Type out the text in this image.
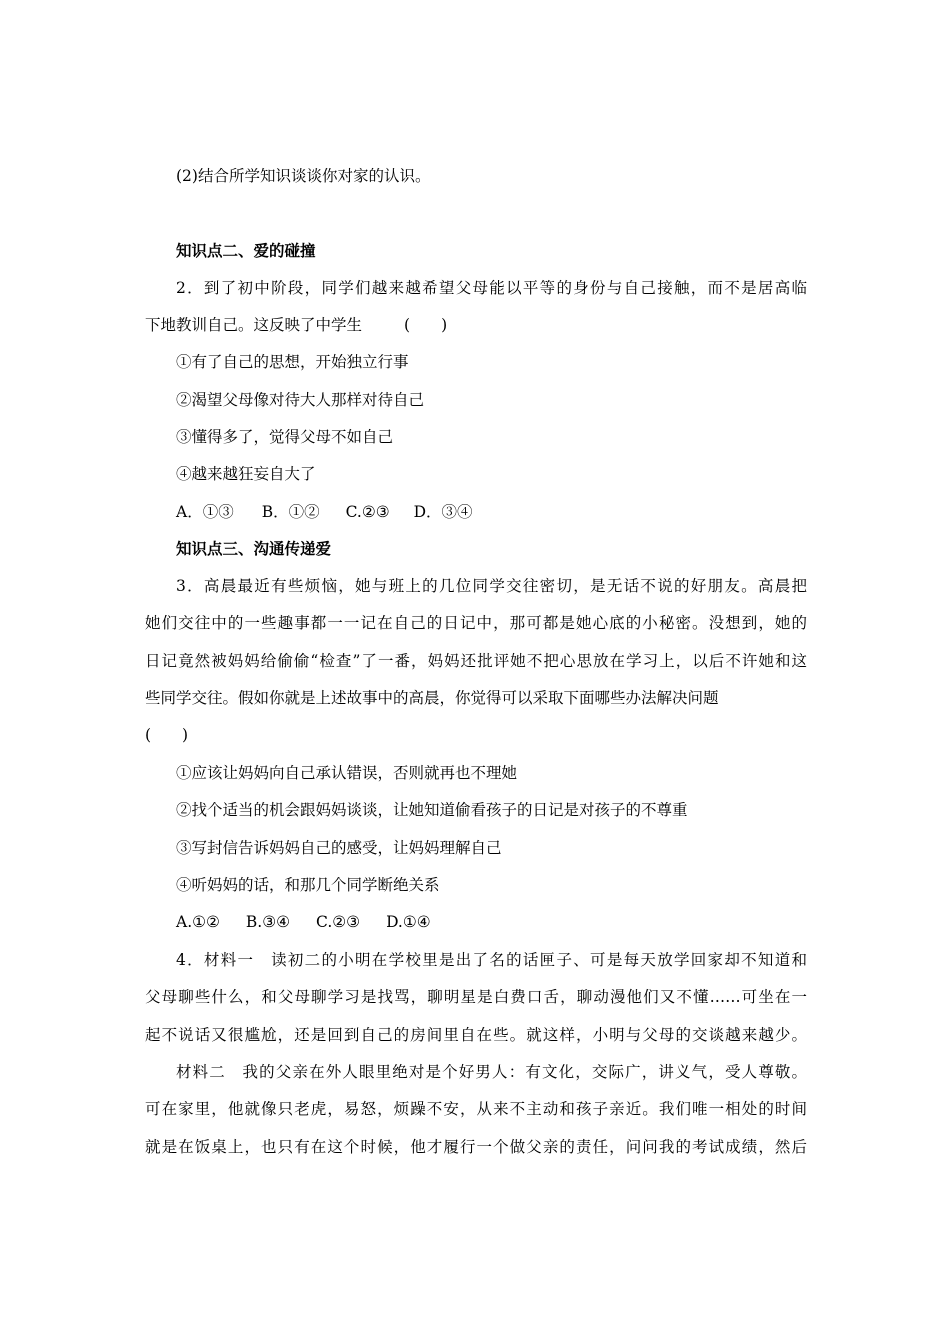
(2)结合所学知识谈谈你对家的认识。
知识点二、爱的碰撞
2．到了初中阶段，同学们越来越希望父母能以平等的身份与自己接触，而不是居高临
下地教训自己。这反映了中学生	(　　)
①有了自己的思想，开始独立行事
②渴望父母像对待大人那样对待自己
③懂得多了，觉得父母不如自己
④越来越狂妄自大了
A．①③ B．①② C.②③ D．③④
知识点三、沟通传递爱
3．高晨最近有些烦恼，她与班上的几位同学交往密切，是无话不说的好朋友。高晨把
她们交往中的一些趣事都一一记在自己的日记中，那可都是她心底的小秘密。没想到，她的
日记竟然被妈妈给偷偷“检查”了一番，妈妈还批评她不把心思放在学习上，以后不许她和这
些同学交往。假如你就是上述故事中的高晨，你觉得可以采取下面哪些办法解决问题
(　　)
①应该让妈妈向自己承认错误，否则就再也不理她
②找个适当的机会跟妈妈谈谈，让她知道偷看孩子的日记是对孩子的不尊重
③写封信告诉妈妈自己的感受，让妈妈理解自己
④听妈妈的话，和那几个同学断绝关系
A.①② B.③④ C.②③ D.①④
4．材料一　读初二的小明在学校里是出了名的话匣子、可是每天放学回家却不知道和
父母聊些什么，和父母聊学习是找骂，聊明星是白费口舌，聊动漫他们又不懂……可坐在一
起不说话又很尴尬，还是回到自己的房间里自在些。就这样，小明与父母的交谈越来越少。
材料二　我的父亲在外人眼里绝对是个好男人：有文化，交际广，讲义气，受人尊敬。
可在家里，他就像只老虎，易怒，烦躁不安，从来不主动和孩子亲近。我们唯一相处的时间
就是在饭桌上，也只有在这个时候，他才履行一个做父亲的责任，问问我的考试成绩，然后
